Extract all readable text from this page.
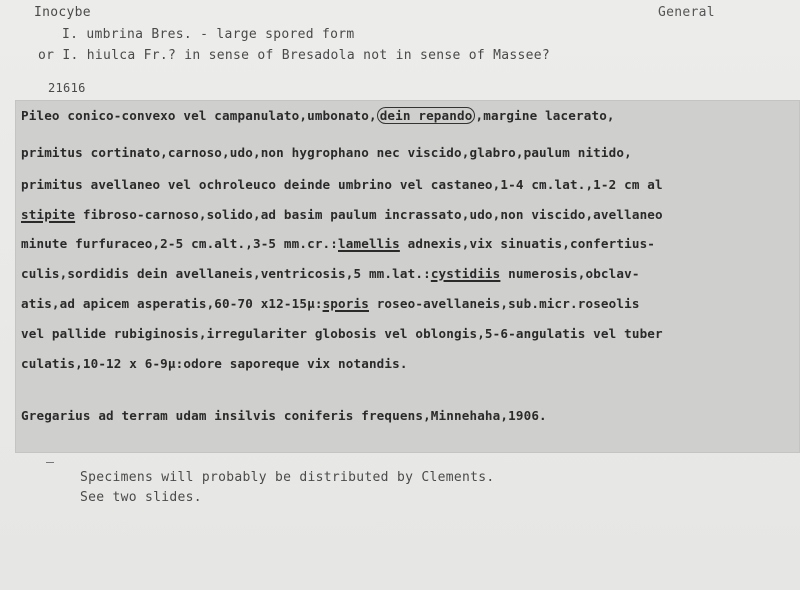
Inocybe	General
I. umbrina Bres. - large spored form
or I. hiulca Fr.? in sense of Bresadola not in sense of Massee?
21616
Pileo conico-convexo vel campanulato,umbonato, dein repando ,margine lacerato,
primitus cortinato,carnoso,udo,non hygrophano nec viscido,glabro,paulum nitido,
primitus avellaneo vel ochroleuco deinde umbrino vel castaneo,1-4 cm.lat.,1-2 cm al
stipite fibroso-carnoso,solido,ad basim paulum incrassato,udo,non viscido,avellaneo
minute furfuraceo,2-5 cm.alt.,3-5 mm.cr.:lamellis adnexis,vix sinuatis,confertius-
culis,sordidis dein avellaneis,ventricosis,5 mm.lat.:cystidiis numerosis,obclav-
atis,ad apicem asperatis,60-70 x12-15μ:sporis roseo-avellaneis,sub.micr.roseolis
vel pallide rubiginosis,irregulariter globosis vel oblongis,5-6-angulatis vel tuber
culatis,10-12 x 6-9μ:odore saporeque vix notandis.
Gregarius ad terram udam insilvis coniferis frequens,Minnehaha,1906.
Specimens will probably be distributed by Clements.
See two slides.
